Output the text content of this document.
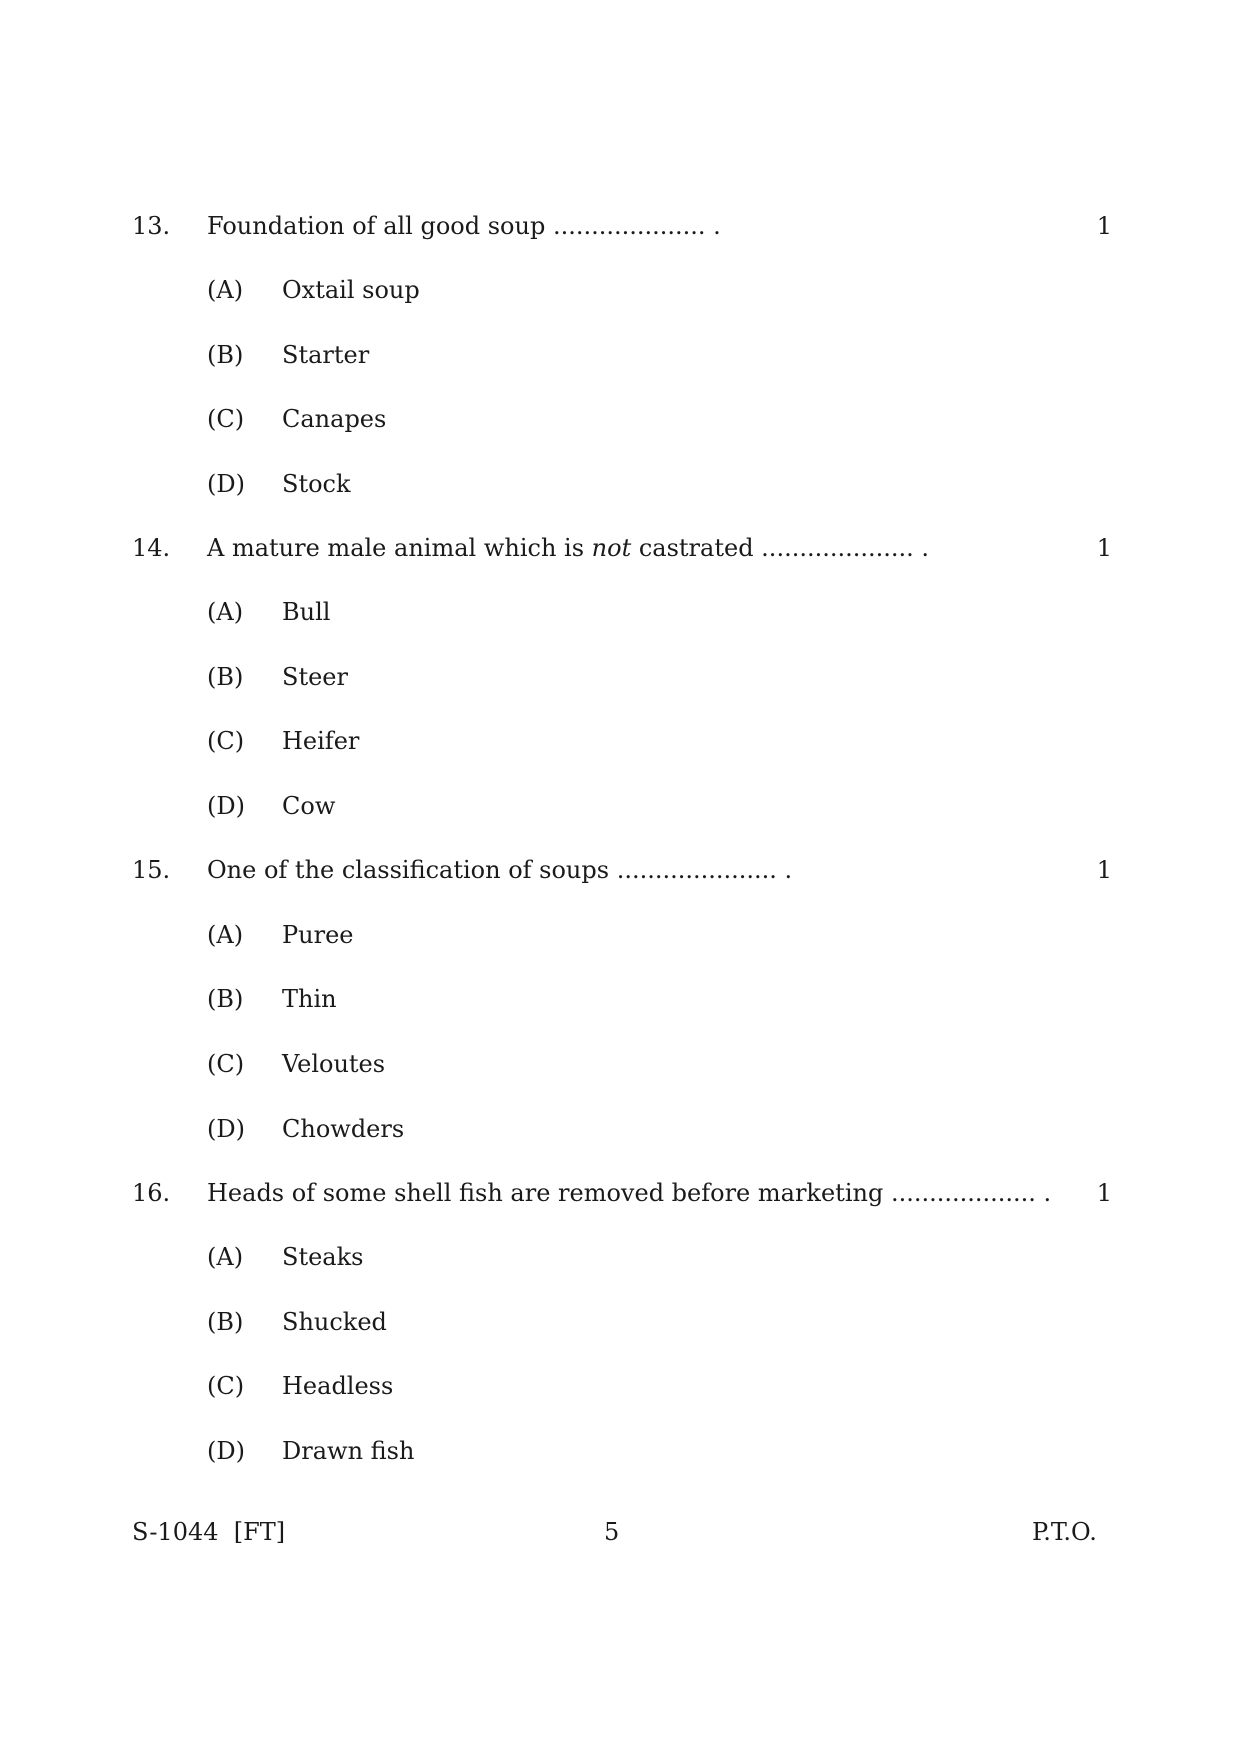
13. Foundation of all good soup .................... .	1
(A) Oxtail soup
(B) Starter
(C) Canapes
(D) Stock
14. A mature male animal which is not castrated .................... .	1
(A) Bull
(B) Steer
(C) Heifer
(D) Cow
15. One of the classification of soups ..................... .	1
(A) Puree
(B) Thin
(C) Veloutes
(D) Chowders
16. Heads of some shell fish are removed before marketing ................... . 1
(A) Steaks
(B) Shucked
(C) Headless
(D) Drawn fish
S-1044  [FT]	5	P.T.O.
